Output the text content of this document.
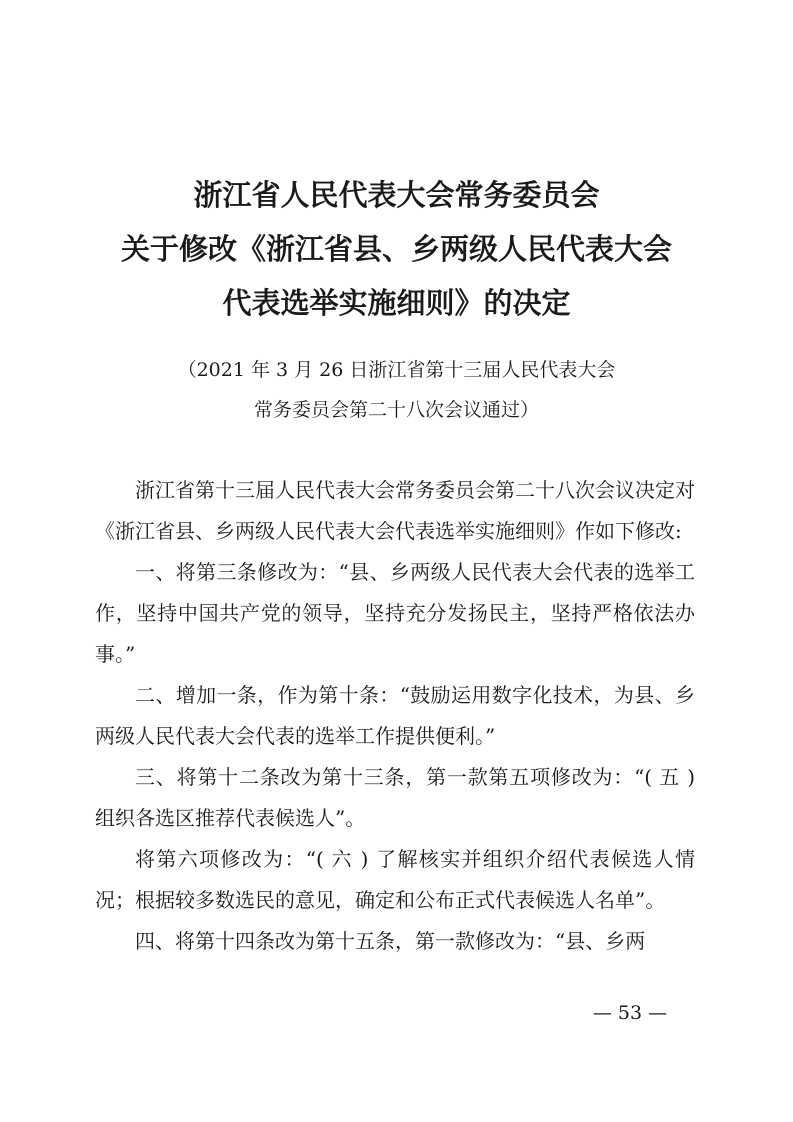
浙江省人民代表大会常务委员会
关于修改《浙江省县、乡两级人民代表大会
代表选举实施细则》的决定
（2021 年 3 月 26 日浙江省第十三届人民代表大会
常务委员会第二十八次会议通过）

浙江省第十三届人民代表大会常务委员会第二十八次会议决定对《浙江省县、乡两级人民代表大会代表选举实施细则》作如下修改:

一、将第三条修改为：“县、乡两级人民代表大会代表的选举工作，坚持中国共产党的领导，坚持充分发扬民主，坚持严格依法办事。”

二、增加一条，作为第十条：“鼓励运用数字化技术，为县、乡两级人民代表大会代表的选举工作提供便利。”

三、将第十二条改为第十三条，第一款第五项修改为：“( 五 ) 组织各选区推荐代表候选人”。

将第六项修改为：“( 六 ) 了解核实并组织介绍代表候选人情况；根据较多数选民的意见，确定和公布正式代表候选人名单”。

四、将第十四条改为第十五条，第一款修改为：“县、乡两

— 53 —
